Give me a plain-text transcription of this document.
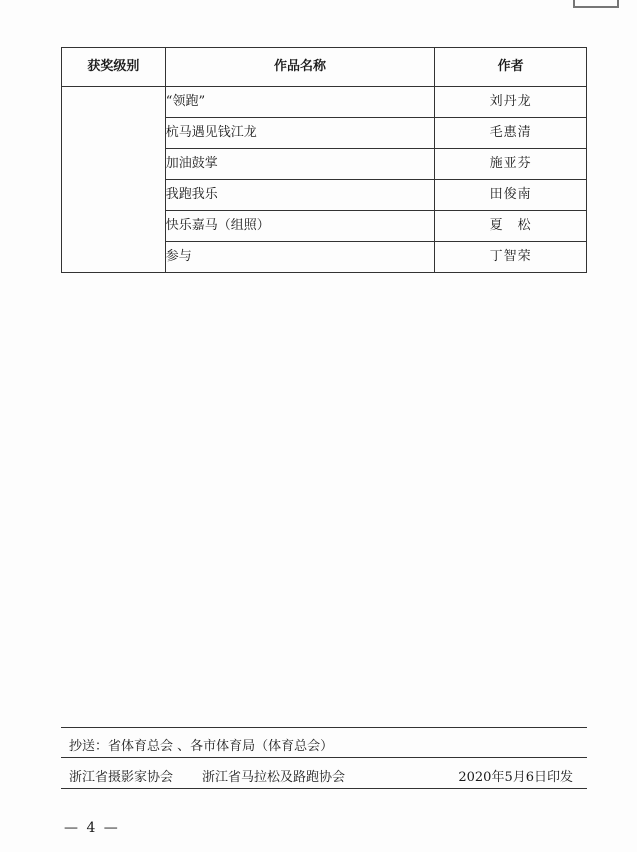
获奖级别	作品名称	作者
	“领跑”	刘丹龙
	杭马遇见钱江龙	毛惠清
	加油鼓掌	施亚芬
	我跑我乐	田俊南
	快乐嘉马（组照）	夏　松
	参与	丁智荣
抄送：省体育总会 、各市体育局（体育总会）
浙江省摄影家协会 浙江省马拉松及路跑协会	2020年5月6日印发
— 4 —
